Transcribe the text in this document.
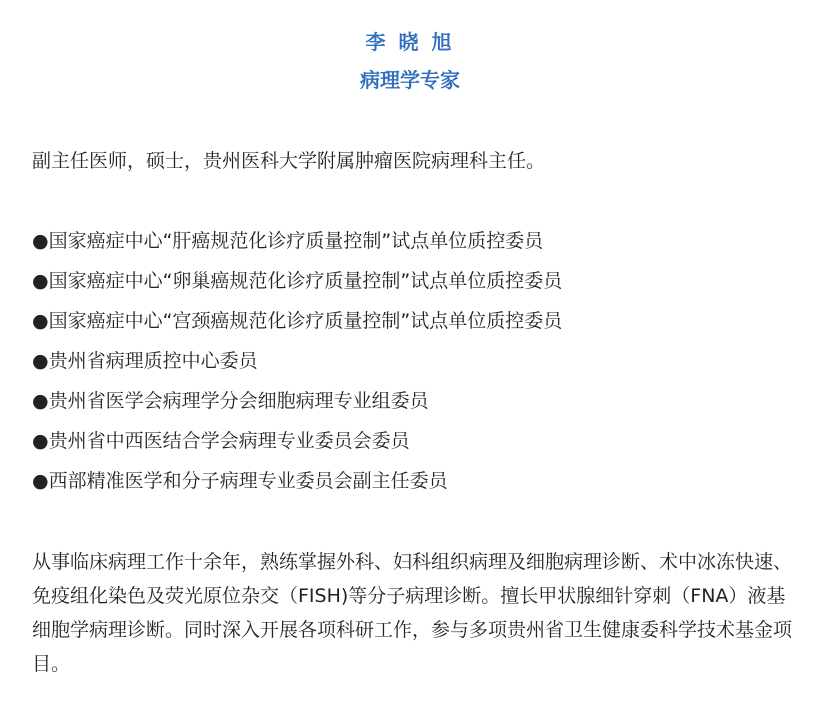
李 晓 旭
病理学专家

副主任医师，硕士，贵州医科大学附属肿瘤医院病理科主任。

●国家癌症中心“肝癌规范化诊疗质量控制”试点单位质控委员
●国家癌症中心“卵巢癌规范化诊疗质量控制”试点单位质控委员
●国家癌症中心“宫颈癌规范化诊疗质量控制”试点单位质控委员
●贵州省病理质控中心委员
●贵州省医学会病理学分会细胞病理专业组委员
●贵州省中西医结合学会病理专业委员会委员
●西部精准医学和分子病理专业委员会副主任委员

从事临床病理工作十余年，熟练掌握外科、妇科组织病理及细胞病理诊断、术中冰冻快速、免疫组化染色及荧光原位杂交（FISH)等分子病理诊断。擅长甲状腺细针穿刺（FNA）液基细胞学病理诊断。同时深入开展各项科研工作，参与多项贵州省卫生健康委科学技术基金项目。
